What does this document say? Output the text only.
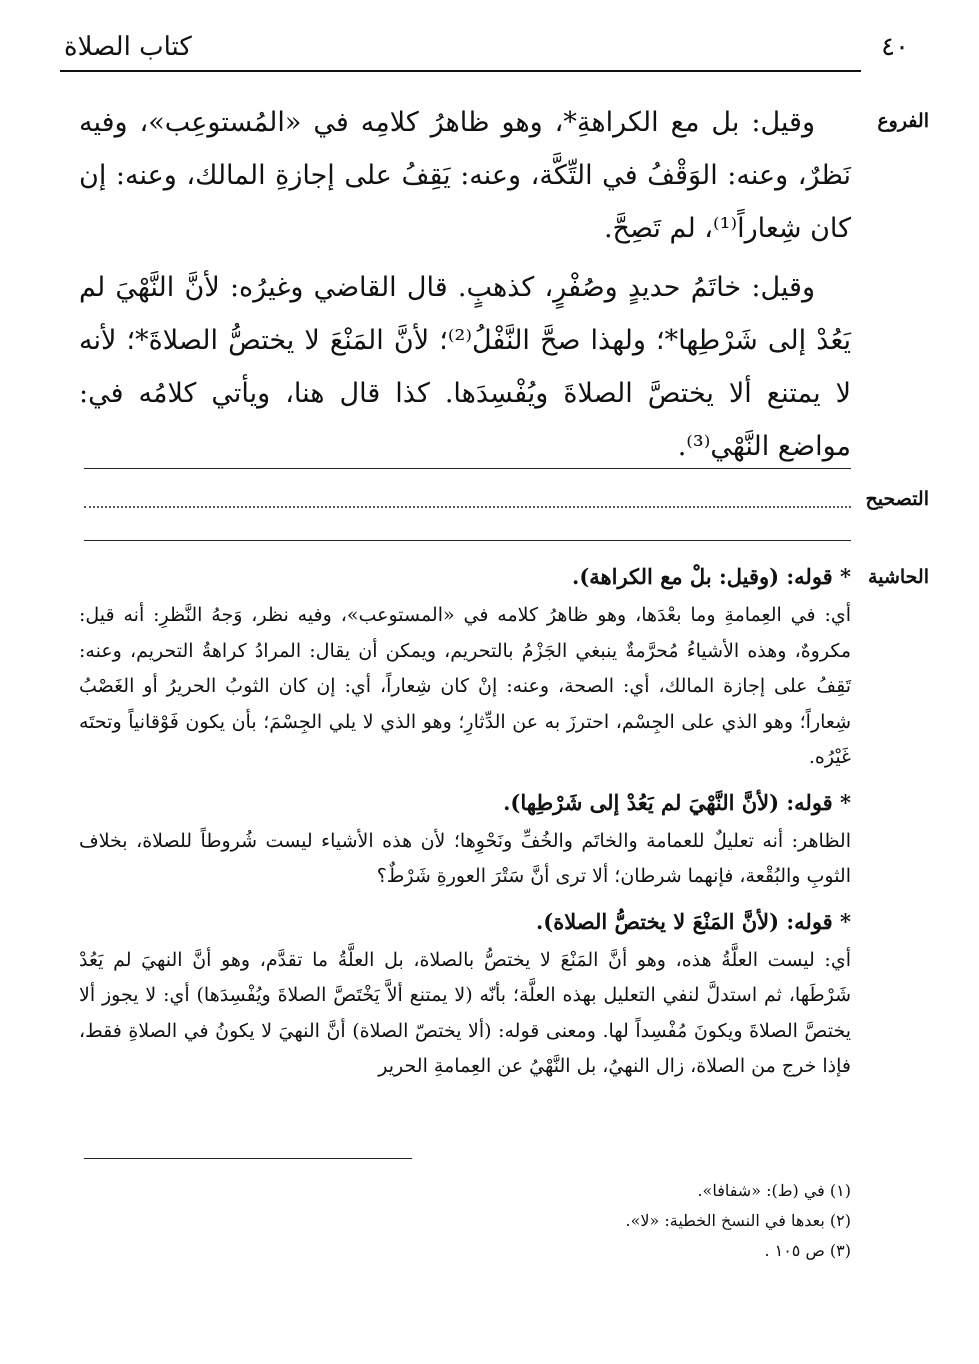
٤٠
كتاب الصلاة
الفروع

وقيل: بل مع الكراهةِ*، وهو ظاهرُ كلامِه في «المُستوعِب»، وفيه نَظرٌ، وعنه: الوَقْفُ في التِّكَّة، وعنه: يَقِفُ على إجازةِ المالك، وعنه: إن كان شِعاراً⁽¹⁾، لم تَصِحَّ.

وقيل: خاتَمُ حديدٍ وصُفْرٍ، كذهبٍ. قال القاضي وغيرُه: لأنَّ النَّهْيَ لم يَعُدْ إلى شَرْطِها*؛ ولهذا صحَّ النَّفْلُ⁽²⁾؛ لأنَّ المَنْعَ لا يختصُّ الصلاةَ*؛ لأنه لا يمتنع ألا يختصَّ الصلاةَ ويُفْسِدَها. كذا قال هنا، ويأتي كلامُه في: مواضع النَّهْي⁽³⁾.

التصحيح
الحاشية

* قوله: (وقيل: بلْ مع الكراهة).

أي: في العِمامةِ وما بعْدَها، وهو ظاهرُ كلامه في «المستوعب»، وفيه نظر، وَجهُ النَّظرِ: أنه قيل: مكروهٌ، وهذه الأشياءُ مُحرَّمةٌ ينبغي الجَزْمُ بالتحريم، ويمكن أن يقال: المرادُ كراهةُ التحريم، وعنه: تَقِفُ على إجازة المالك، أي: الصحة، وعنه: إنْ كان شِعاراً، أي: إن كان الثوبُ الحريرُ أو الغَصْبُ شِعاراً؛ وهو الذي على الجِسْم، احترزَ به عن الدِّثارِ؛ وهو الذي لا يلي الجِسْمَ؛ بأن يكون فَوْقانياً وتحتَه غَيْرُه.

* قوله: (لأنَّ النَّهْيَ لم يَعُدْ إلى شَرْطِها).

الظاهر: أنه تعليلٌ للعمامة والخاتَم والخُفِّ ونَحْوِها؛ لأن هذه الأشياء ليست شُروطاً للصلاة، بخلاف الثوبِ والبُقْعة، فإنهما شرطان؛ ألا ترى أنَّ سَتْرَ العورةِ شَرْطٌ؟

* قوله: (لأنَّ المَنْعَ لا يختصُّ الصلاة).

أي: ليست العلَّةُ هذه، وهو أنَّ المَنْعَ لا يختصُّ بالصلاة، بل العلَّةُ ما تقدَّم، وهو أنَّ النهيَ لم يَعُدْ شَرْطَها، ثم استدلَّ لنفي التعليل بهذه العلَّة؛ بأنّه (لا يمتنع ألاَّ يَخْتَصَّ الصلاةَ ويُفْسِدَها) أي: لا يجوز ألا يختصَّ الصلاةَ ويكونَ مُفْسِداً لها. ومعنى قوله: (ألا يختصّ الصلاة) أنَّ النهيَ لا يكونُ في الصلاةِ فقط، فإذا خرج من الصلاة، زال النهيُ، بل النَّهْيُ عن العِمامةِ الحرير

(١) في (ط): «شفافا».

(٢) بعدها في النسخ الخطية: «لا».

(٣) ص ١٠٥ .
